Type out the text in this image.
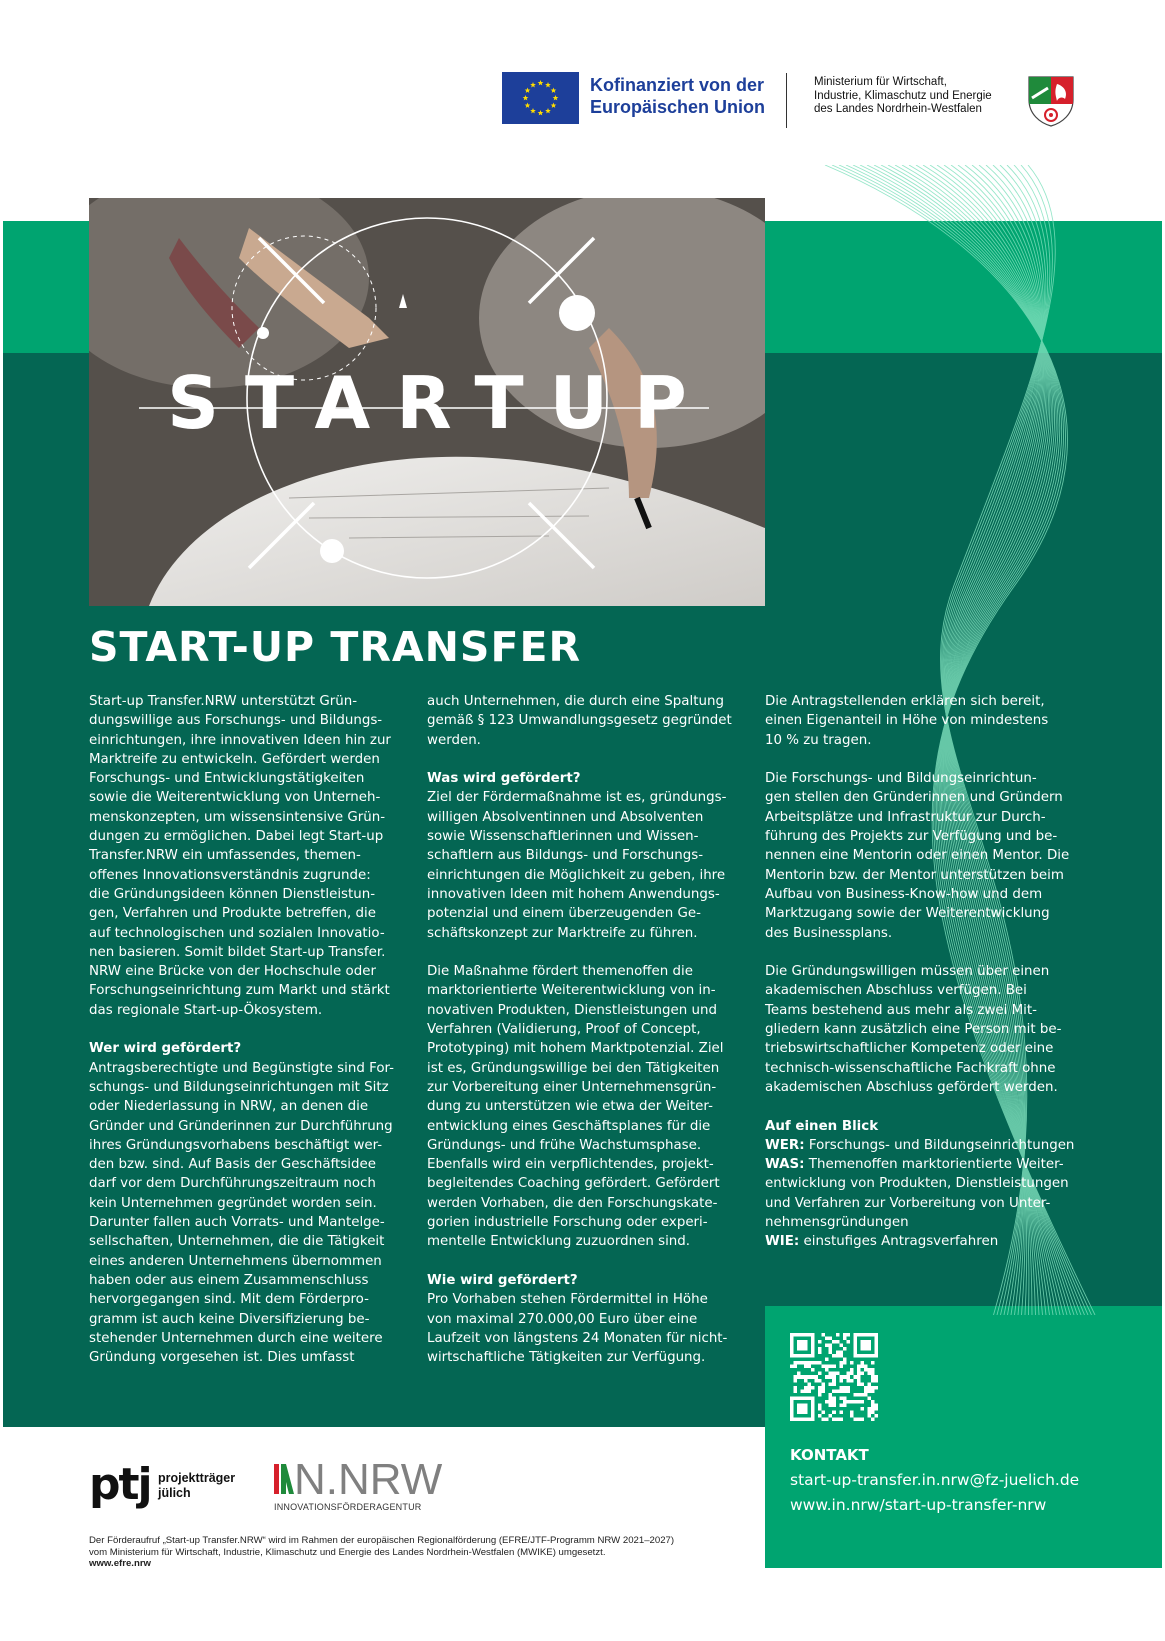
Kofinanziert von der
Europäischen Union
Ministerium für Wirtschaft,
Industrie, Klimaschutz und Energie
des Landes Nordrhein-Westfalen
STARTUP
START-UP TRANSFER

Start-up Transfer.NRW unterstützt Grün-
dungswillige aus Forschungs- und Bildungs-
einrichtungen, ihre innovativen Ideen hin zur
Marktreife zu entwickeln. Gefördert werden
Forschungs- und Entwicklungstätigkeiten
sowie die Weiterentwicklung von Unterneh-
menskonzepten, um wissensintensive Grün-
dungen zu ermöglichen. Dabei legt Start-up
Transfer.NRW ein umfassendes, themen-
offenes Innovationsverständnis zugrunde:
die Gründungsideen können Dienstleistun-
gen, Verfahren und Produkte betreffen, die
auf technologischen und sozialen Innovatio-
nen basieren. Somit bildet Start-up Transfer.
NRW eine Brücke von der Hochschule oder
Forschungseinrichtung zum Markt und stärkt
das regionale Start-up-Ökosystem.

Wer wird gefördert?

Antragsberechtigte und Begünstigte sind For-
schungs- und Bildungseinrichtungen mit Sitz
oder Niederlassung in NRW, an denen die
Gründer und Gründerinnen zur Durchführung
ihres Gründungsvorhabens beschäftigt wer-
den bzw. sind. Auf Basis der Geschäftsidee
darf vor dem Durchführungszeitraum noch
kein Unternehmen gegründet worden sein.
Darunter fallen auch Vorrats- und Mantelge-
sellschaften, Unternehmen, die die Tätigkeit
eines anderen Unternehmens übernommen
haben oder aus einem Zusammenschluss
hervorgegangen sind. Mit dem Förderpro-
gramm ist auch keine Diversifizierung be-
stehender Unternehmen durch eine weitere
Gründung vorgesehen ist. Dies umfasst

auch Unternehmen, die durch eine Spaltung
gemäß § 123 Umwandlungsgesetz gegründet
werden.

Was wird gefördert?

Ziel der Fördermaßnahme ist es, gründungs-
willigen Absolventinnen und Absolventen
sowie Wissenschaftlerinnen und Wissen-
schaftlern aus Bildungs- und Forschungs-
einrichtungen die Möglichkeit zu geben, ihre
innovativen Ideen mit hohem Anwendungs-
potenzial und einem überzeugenden Ge-
schäftskonzept zur Marktreife zu führen.

Die Maßnahme fördert themenoffen die
marktorientierte Weiterentwicklung von in-
novativen Produkten, Dienstleistungen und
Verfahren (Validierung, Proof of Concept,
Prototyping) mit hohem Marktpotenzial. Ziel
ist es, Gründungswillige bei den Tätigkeiten
zur Vorbereitung einer Unternehmensgrün-
dung zu unterstützen wie etwa der Weiter-
entwicklung eines Geschäftsplanes für die
Gründungs- und frühe Wachstumsphase.
Ebenfalls wird ein verpflichtendes, projekt-
begleitendes Coaching gefördert. Gefördert
werden Vorhaben, die den Forschungskate-
gorien industrielle Forschung oder experi-
mentelle Entwicklung zuzuordnen sind.

Wie wird gefördert?

Pro Vorhaben stehen Fördermittel in Höhe
von maximal 270.000,00 Euro über eine
Laufzeit von längstens 24 Monaten für nicht-
wirtschaftliche Tätigkeiten zur Verfügung.

Die Antragstellenden erklären sich bereit,
einen Eigenanteil in Höhe von mindestens
10 % zu tragen.

Die Forschungs- und Bildungseinrichtun-
gen stellen den Gründerinnen und Gründern
Arbeitsplätze und Infrastruktur zur Durch-
führung des Projekts zur Verfügung und be-
nennen eine Mentorin oder einen Mentor. Die
Mentorin bzw. der Mentor unterstützen beim
Aufbau von Business-Know-how und dem
Marktzugang sowie der Weiterentwicklung
des Businessplans.

Die Gründungswilligen müssen über einen
akademischen Abschluss verfügen. Bei
Teams bestehend aus mehr als zwei Mit-
gliedern kann zusätzlich eine Person mit be-
triebswirtschaftlicher Kompetenz oder eine
technisch-wissenschaftliche Fachkraft ohne
akademischen Abschluss gefördert werden.

Auf einen Blick

WER: Forschungs- und Bildungseinrichtungen

WAS: Themenoffen marktorientierte Weiter-
entwicklung von Produkten, Dienstleistungen
und Verfahren zur Vorbereitung von Unter-
nehmensgründungen

WIE: einstufiges Antragsverfahren

KONTAKT
start-up-transfer.in.nrw@fz-juelich.de
www.in.nrw/start-up-transfer-nrw
ptj projektträger
jülich	N.NRW
INNOVATIONSFÖRDERAGENTUR
Der Förderaufruf „Start-up Transfer.NRW“ wird im Rahmen der europäischen Regionalförderung (EFRE/JTF-Programm NRW 2021–2027)
vom Ministerium für Wirtschaft, Industrie, Klimaschutz und Energie des Landes Nordrhein-Westfalen (MWIKE) umgesetzt.
www.efre.nrw
